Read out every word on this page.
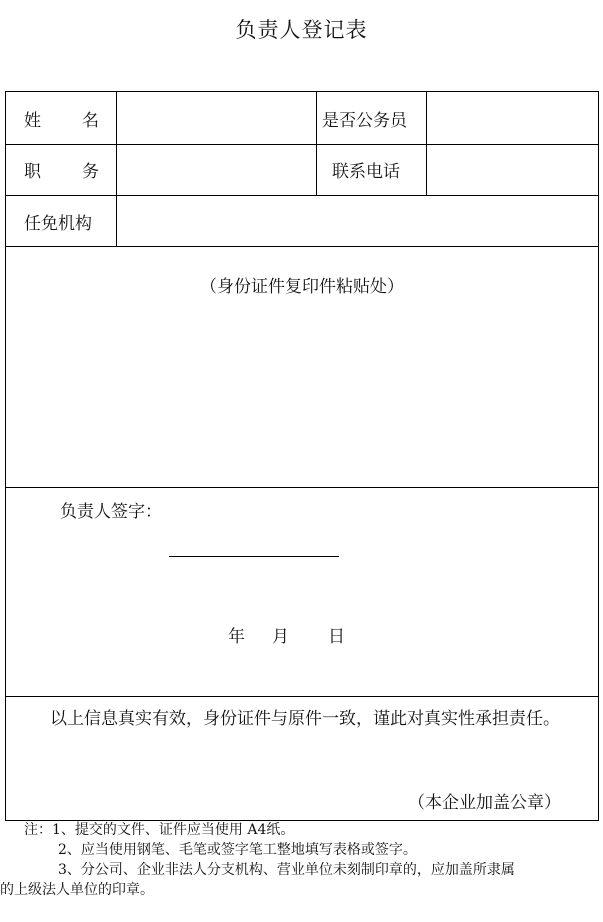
负责人登记表
姓 名	是否公务员
职 务	联系电话
任免机构
（身份证件复印件粘贴处）
负责人签字：
年 月 日
以上信息真实有效，身份证件与原件一致，谨此对真实性承担责任。
（本企业加盖公章）

注：1、提交的文件、证件应当使用 A4纸。

2、应当使用钢笔、毛笔或签字笔工整地填写表格或签字。

3、分公司、企业非法人分支机构、营业单位未刻制印章的，应加盖所隶属

的上级法人单位的印章。
